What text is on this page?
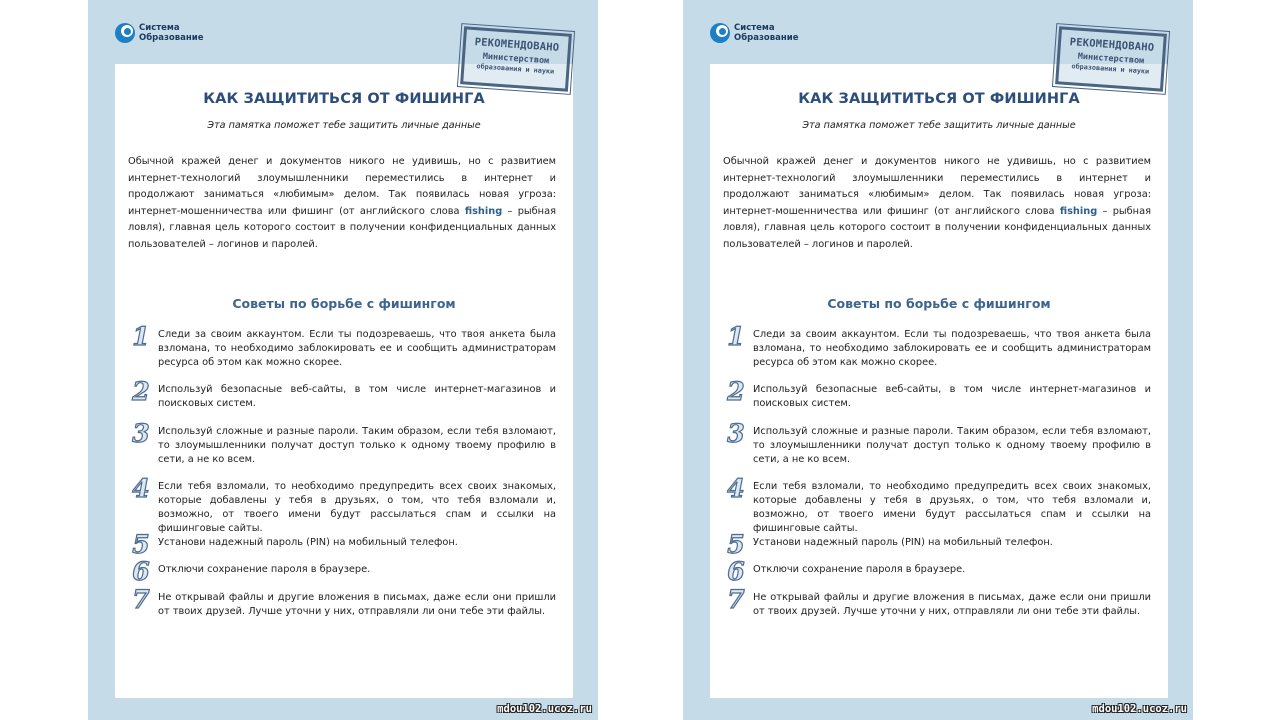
Система
Образование	РЕКОМЕНДОВАНО
Министерством
образования и науки
КАК ЗАЩИТИТЬСЯ ОТ ФИШИНГА
Эта памятка поможет тебе защитить личные данные
Обычной кражей денег и документов никого не удивишь, но с развитием интернет-технологий злоумышленники переместились в интернет и продолжают заниматься «любимым» делом. Так появилась новая угроза: интернет-мошенничества или фишинг (от английского слова fishing – рыбная ловля), главная цель которого состоит в получении конфиденциальных данных пользователей – логинов и паролей.
Советы по борьбе с фишингом
1 Следи за своим аккаунтом. Если ты подозреваешь, что твоя анкета была взломана, то необходимо заблокировать ее и сообщить администраторам ресурса об этом как можно скорее.
2 Используй безопасные веб-сайты, в том числе интернет-магазинов и поисковых систем.
3 Используй сложные и разные пароли. Таким образом, если тебя взломают, то злоумышленники получат доступ только к одному твоему профилю в сети, а не ко всем.
4 Если тебя взломали, то необходимо предупредить всех своих знакомых, которые добавлены у тебя в друзьях, о том, что тебя взломали и, возможно, от твоего имени будут рассылаться спам и ссылки на фишинговые сайты.
5 Установи надежный пароль (PIN) на мобильный телефон.
6 Отключи сохранение пароля в браузере.
7 Не открывай файлы и другие вложения в письмах, даже если они пришли от твоих друзей. Лучше уточни у них, отправляли ли они тебе эти файлы.
mdou102.ucoz.ru
Система
Образование	РЕКОМЕНДОВАНО
Министерством
образования и науки
КАК ЗАЩИТИТЬСЯ ОТ ФИШИНГА
Эта памятка поможет тебе защитить личные данные
Обычной кражей денег и документов никого не удивишь, но с развитием интернет-технологий злоумышленники переместились в интернет и продолжают заниматься «любимым» делом. Так появилась новая угроза: интернет-мошенничества или фишинг (от английского слова fishing – рыбная ловля), главная цель которого состоит в получении конфиденциальных данных пользователей – логинов и паролей.
Советы по борьбе с фишингом
1 Следи за своим аккаунтом. Если ты подозреваешь, что твоя анкета была взломана, то необходимо заблокировать ее и сообщить администраторам ресурса об этом как можно скорее.
2 Используй безопасные веб-сайты, в том числе интернет-магазинов и поисковых систем.
3 Используй сложные и разные пароли. Таким образом, если тебя взломают, то злоумышленники получат доступ только к одному твоему профилю в сети, а не ко всем.
4 Если тебя взломали, то необходимо предупредить всех своих знакомых, которые добавлены у тебя в друзьях, о том, что тебя взломали и, возможно, от твоего имени будут рассылаться спам и ссылки на фишинговые сайты.
5 Установи надежный пароль (PIN) на мобильный телефон.
6 Отключи сохранение пароля в браузере.
7 Не открывай файлы и другие вложения в письмах, даже если они пришли от твоих друзей. Лучше уточни у них, отправляли ли они тебе эти файлы.
mdou102.ucoz.ru
